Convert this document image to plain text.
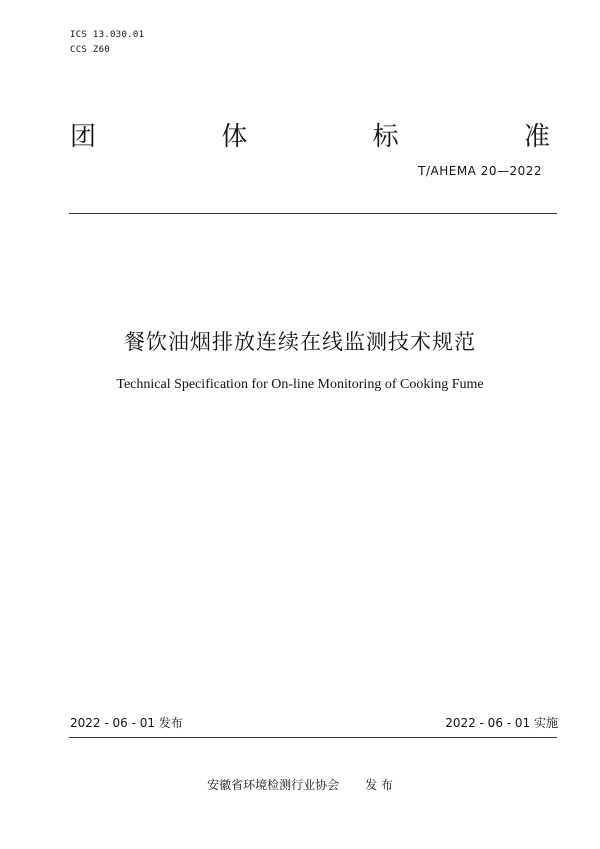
ICS 13.030.01
CCS Z60
团	体	标	准
T/AHEMA 20—2022
餐饮油烟排放连续在线监测技术规范
Technical Specification for On-line Monitoring of Cooking Fume
2022 - 06 - 01 发布	2022 - 06 - 01 实施
安徽省环境检测行业协会 发 布
